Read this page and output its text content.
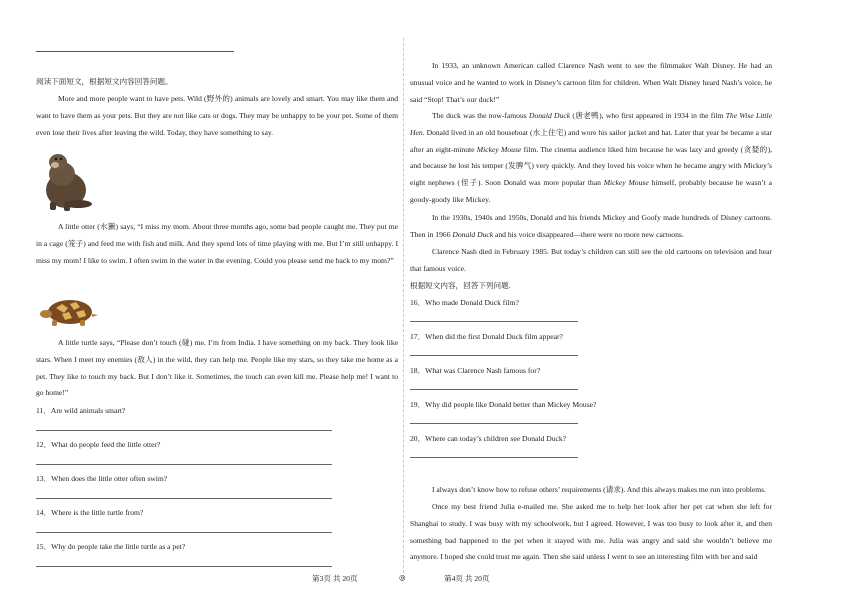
阅读下面短文，根据短文内容回答问题。
More and more people want to have pets. Wild (野外的) animals are lovely and smart. You may like them and want to have them as your pets. But they are not like cats or dogs. They may be unhappy to be your pet. Some of them even lose their lives after leaving the wild. Today, they have something to say.
A little otter (水獭) says, “I miss my mom. About three months ago, some bad people caught me. They put me in a cage (笼子) and feed me with fish and milk. And they spend lots of time playing with me. But I’m still unhappy. I miss my mom! I like to swim. I often swim in the water in the evening. Could you please send me back to my mom?”
A little turtle says, “Please don’t touch (碰) me. I’m from India. I have something on my back. They look like stars. When I meet my enemies (敌人) in the wild, they can help me. People like my stars, so they take me home as a pet. They like to touch my back. But I don’t like it. Sometimes, the touch can even kill me. Please help me! I want to go home!”
11．Are wild animals smart?
12．What do people feed the little otter?
13．When does the little otter often swim?
14．Where is the little turtle from?
15．Why do people take the little turtle as a pet?
第3页 共 20页	◎
In 1933, an unknown American called Clarence Nash went to see the filmmaker Walt Disney. He had an unusual voice and he wanted to work in Disney’s cartoon film for children. When Walt Disney heard Nash’s voice, he said “Stop! That’s our duck!”
The duck was the now-famous Donald Duck (唐老鸭), who first appeared in 1934 in the film The Wise Little Hen. Donald lived in an old houseboat (水上住宅) and wore his sailor jacket and hat. Later that year he became a star after an eight-minute Mickey Mouse film. The cinema audience liked him because he was lazy and greedy (贪婪的), and because he lost his temper (发脾气) very quickly. And they loved his voice when he became angry with Mickey’s eight nephews (侄子). Soon Donald was more popular than Mickey Mouse himself, probably because he wasn’t a goody-goody like Mickey.
In the 1930s, 1940s and 1950s, Donald and his friends Mickey and Goofy made hundreds of Disney cartoons. Then in 1966 Donald Duck and his voice disappeared—there were no more new cartoons.
Clarence Nash died in February 1985. But today’s children can still see the old cartoons on television and hear that famous voice.
根据短文内容，回答下列问题.
16．Who made Donald Duck film?
17．When did the first Donald Duck film appear?
18．What was Clarence Nash famous for?
19．Why did people like Donald better than Mickey Mouse?
20．Where can today’s children see Donald Duck?
I always don’t know how to refuse others’ requirements (请求). And this always makes me run into problems.
Once my best friend Julia e-mailed me. She asked me to help her look after her pet cat when she left for Shanghai to study. I was busy with my schoolwork, but I agreed. However, I was too busy to look after it, and then something bad happened to the pet when it stayed with me. Julia was angry and said she wouldn’t believe me anymore. I hoped she could trust me again. Then she said unless I went to see an interesting film with her and said
第4页 共 20页
